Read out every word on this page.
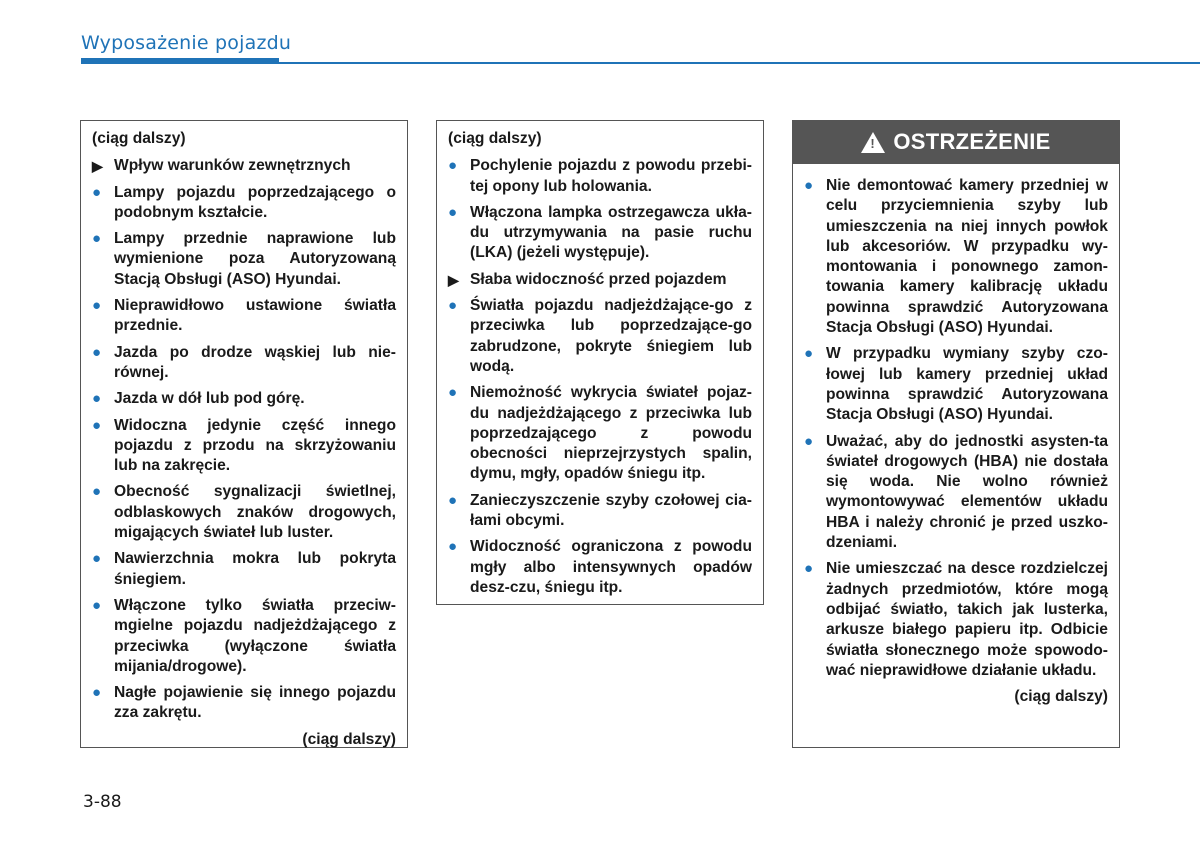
Wyposażenie pojazdu
(ciąg dalszy)
▶ Wpływ warunków zewnętrznych
● Lampy pojazdu poprzedzającego o podobnym kształcie.
● Lampy przednie naprawione lub wymienione poza Autoryzowaną Stacją Obsługi (ASO) Hyundai.
● Nieprawidłowo ustawione światła przednie.
● Jazda po drodze wąskiej lub nie-równej.
● Jazda w dół lub pod górę.
● Widoczna jedynie część innego pojazdu z przodu na skrzyżowaniu lub na zakręcie.
● Obecność sygnalizacji świetlnej, odblaskowych znaków drogowych, migających świateł lub luster.
● Nawierzchnia mokra lub pokryta śniegiem.
● Włączone tylko światła przeciw-mgielne pojazdu nadjeżdżającego z przeciwka (wyłączone światła mijania/drogowe).
● Nagłe pojawienie się innego pojazdu zza zakrętu.
(ciąg dalszy)
(ciąg dalszy)
● Pochylenie pojazdu z powodu przebi-tej opony lub holowania.
● Włączona lampka ostrzegawcza ukła-du utrzymywania na pasie ruchu (LKA) (jeżeli występuje).
▶ Słaba widoczność przed pojazdem
● Światła pojazdu nadjeżdżające-go z przeciwka lub poprzedzające-go zabrudzone, pokryte śniegiem lub wodą.
● Niemożność wykrycia świateł pojaz-du nadjeżdżającego z przeciwka lub poprzedzającego z powodu obecności nieprzejrzystych spalin, dymu, mgły, opadów śniegu itp.
● Zanieczyszczenie szyby czołowej cia-łami obcymi.
● Widoczność ograniczona z powodu mgły albo intensywnych opadów desz-czu, śniegu itp.
! OSTRZEŻENIE
● Nie demontować kamery przedniej w celu przyciemnienia szyby lub umieszczenia na niej innych powłok lub akcesoriów. W przypadku wy-montowania i ponownego zamon-towania kamery kalibrację układu powinna sprawdzić Autoryzowana Stacja Obsługi (ASO) Hyundai.
● W przypadku wymiany szyby czo-łowej lub kamery przedniej układ powinna sprawdzić Autoryzowana Stacja Obsługi (ASO) Hyundai.
● Uważać, aby do jednostki asysten-ta świateł drogowych (HBA) nie dostała się woda. Nie wolno również wymontowywać elementów układu HBA i należy chronić je przed uszko-dzeniami.
● Nie umieszczać na desce rozdzielczej żadnych przedmiotów, które mogą odbijać światło, takich jak lusterka, arkusze białego papieru itp. Odbicie światła słonecznego może spowodo-wać nieprawidłowe działanie układu.
(ciąg dalszy)
3-88
